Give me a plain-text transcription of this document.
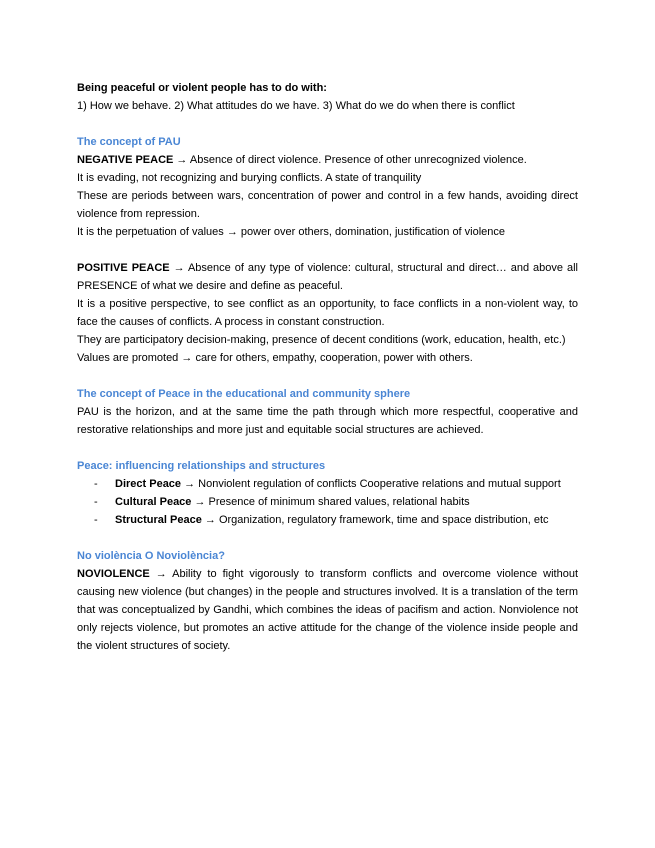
Being peaceful or violent people has to do with:

1) How we behave. 2) What attitudes do we have. 3) What do we do when there is conflict

The concept of PAU

NEGATIVE PEACE → Absence of direct violence. Presence of other unrecognized violence.

It is evading, not recognizing and burying conflicts. A state of tranquility

These are periods between wars, concentration of power and control in a few hands, avoiding direct violence from repression.

It is the perpetuation of values → power over others, domination, justification of violence

POSITIVE PEACE → Absence of any type of violence: cultural, structural and direct… and above all PRESENCE of what we desire and define as peaceful.

It is a positive perspective, to see conflict as an opportunity, to face conflicts in a non-violent way, to face the causes of conflicts. A process in constant construction.

They are participatory decision-making, presence of decent conditions (work, education, health, etc.)

Values are promoted → care for others, empathy, cooperation, power with others.

The concept of Peace in the educational and community sphere

PAU is the horizon, and at the same time the path through which more respectful, cooperative and restorative relationships and more just and equitable social structures are achieved.

Peace: influencing relationships and structures

- Direct Peace → Nonviolent regulation of conflicts Cooperative relations and mutual support
- Cultural Peace → Presence of minimum shared values, relational habits
- Structural Peace → Organization, regulatory framework, time and space distribution, etc

No violència O Noviolència?

NOVIOLENCE → Ability to fight vigorously to transform conflicts and overcome violence without causing new violence (but changes) in the people and structures involved. It is a translation of the term that was conceptualized by Gandhi, which combines the ideas of pacifism and action. Nonviolence not only rejects violence, but promotes an active attitude for the change of the violence inside people and the violent structures of society.
